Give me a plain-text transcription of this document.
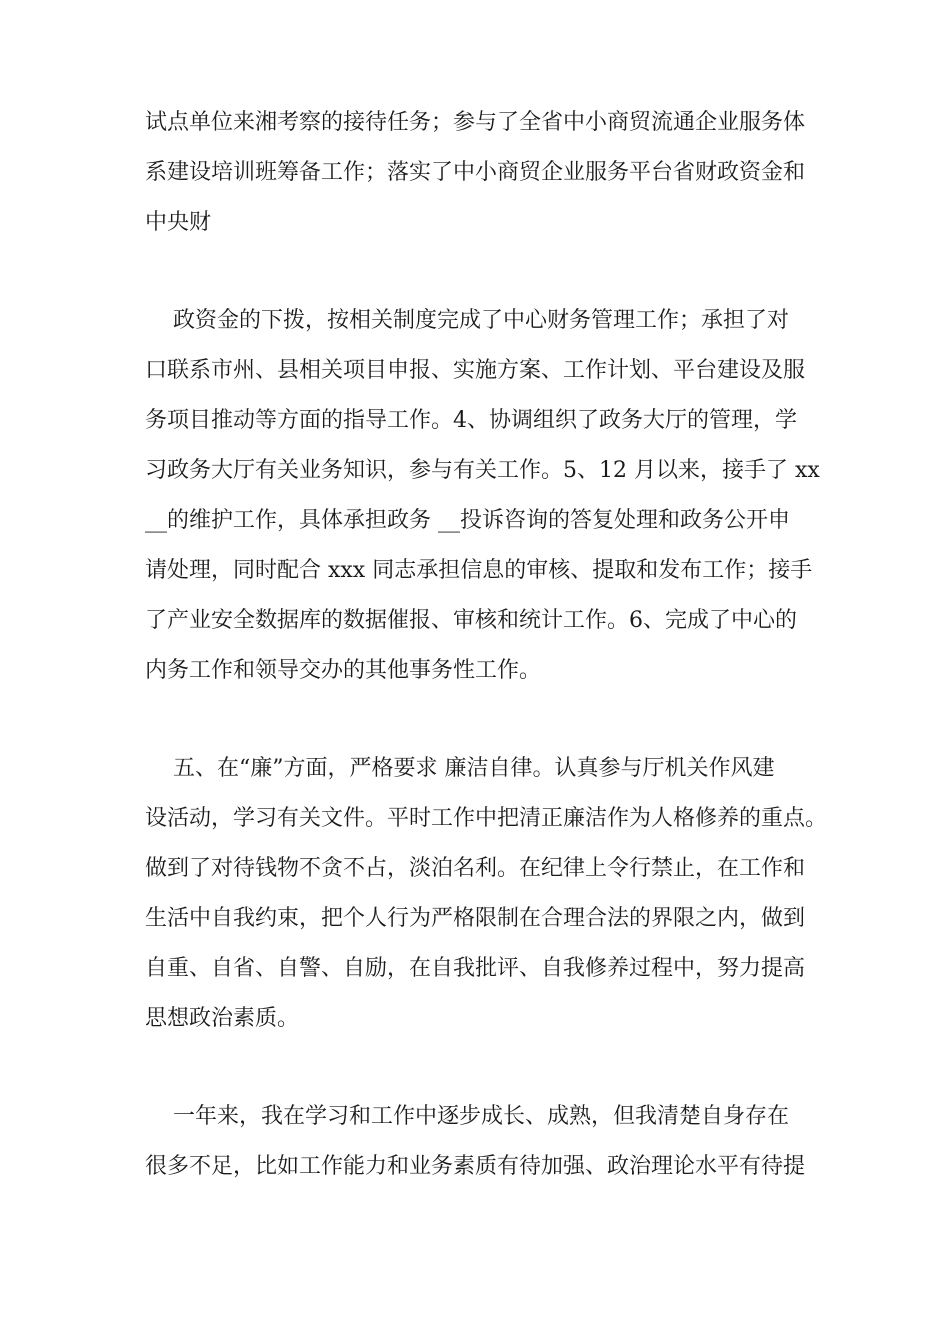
试点单位来湘考察的接待任务；参与了全省中小商贸流通企业服务体
系建设培训班筹备工作；落实了中小商贸企业服务平台省财政资金和
中央财
政资金的下拨，按相关制度完成了中心财务管理工作；承担了对
口联系市州、县相关项目申报、实施方案、工作计划、平台建设及服
务项目推动等方面的指导工作。4、协调组织了政务大厅的管理，学
习政务大厅有关业务知识，参与有关工作。5、12 月以来，接手了 xx
__的维护工作，具体承担政务 __投诉咨询的答复处理和政务公开申
请处理，同时配合 xxx 同志承担信息的审核、提取和发布工作；接手
了产业安全数据库的数据催报、审核和统计工作。6、完成了中心的
内务工作和领导交办的其他事务性工作。
五、在“廉”方面，严格要求 廉洁自律。认真参与厅机关作风建
设活动，学习有关文件。平时工作中把清正廉洁作为人格修养的重点。
做到了对待钱物不贪不占，淡泊名利。在纪律上令行禁止，在工作和
生活中自我约束，把个人行为严格限制在合理合法的界限之内，做到
自重、自省、自警、自励，在自我批评、自我修养过程中，努力提高
思想政治素质。
一年来，我在学习和工作中逐步成长、成熟，但我清楚自身存在
很多不足，比如工作能力和业务素质有待加强、政治理论水平有待提
